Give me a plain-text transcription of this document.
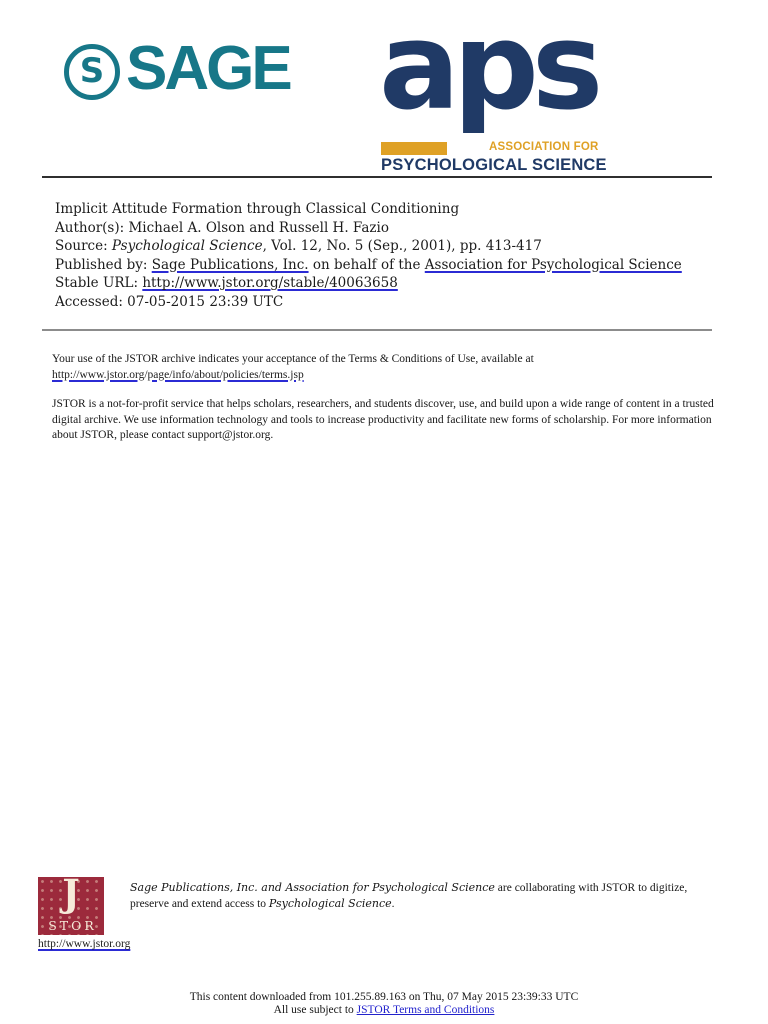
S SAGE aps
ASSOCIATION FOR
PSYCHOLOGICAL SCIENCE
Implicit Attitude Formation through Classical Conditioning
Author(s): Michael A. Olson and Russell H. Fazio
Source: Psychological Science, Vol. 12, No. 5 (Sep., 2001), pp. 413-417
Published by: Sage Publications, Inc. on behalf of the Association for Psychological Science
Stable URL: http://www.jstor.org/stable/40063658
Accessed: 07-05-2015 23:39 UTC

Your use of the JSTOR archive indicates your acceptance of the Terms & Conditions of Use, available at http://www.jstor.org/page/info/about/policies/terms.jsp

JSTOR is a not-for-profit service that helps scholars, researchers, and students discover, use, and build upon a wide range of content in a trusted digital archive. We use information technology and tools to increase productivity and facilitate new forms of scholarship. For more information about JSTOR, please contact support@jstor.org.

J
STOR
Sage Publications, Inc. and Association for Psychological Science are collaborating with JSTOR to digitize, preserve and extend access to Psychological Science.
http://www.jstor.org
This content downloaded from 101.255.89.163 on Thu, 07 May 2015 23:39:33 UTC
All use subject to JSTOR Terms and Conditions
